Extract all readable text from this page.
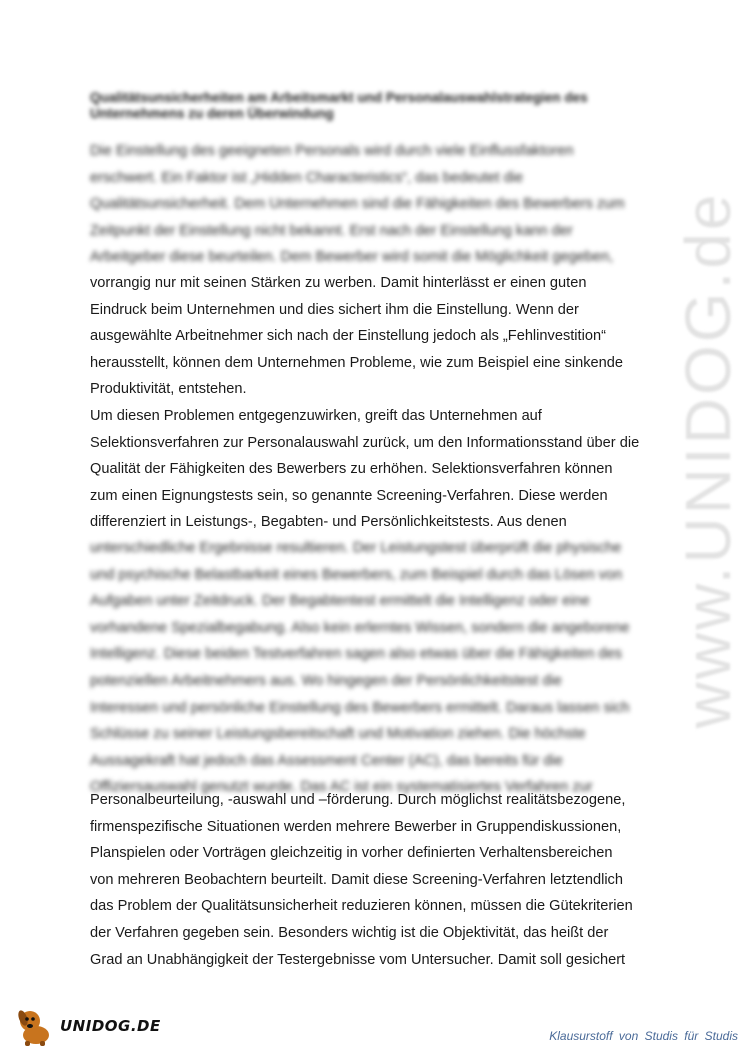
www.UNIDOG.de
Qualitätsunsicherheiten am Arbeitsmarkt und Personalauswahlstrategien des
Unternehmens zu deren Überwindung
Die Einstellung des geeigneten Personals wird durch viele Einflussfaktoren
erschwert. Ein Faktor ist „Hidden Characteristics“, das bedeutet die
Qualitätsunsicherheit. Dem Unternehmen sind die Fähigkeiten des Bewerbers zum
Zeitpunkt der Einstellung nicht bekannt. Erst nach der Einstellung kann der
Arbeitgeber diese beurteilen. Dem Bewerber wird somit die Möglichkeit gegeben,
vorrangig nur mit seinen Stärken zu werben. Damit hinterlässt er einen guten
Eindruck beim Unternehmen und dies sichert ihm die Einstellung. Wenn der
ausgewählte Arbeitnehmer sich nach der Einstellung jedoch als „Fehlinvestition“
herausstellt, können dem Unternehmen Probleme, wie zum Beispiel eine sinkende
Produktivität, entstehen.
Um diesen Problemen entgegenzuwirken, greift das Unternehmen auf
Selektionsverfahren zur Personalauswahl zurück, um den Informationsstand über die
Qualität der Fähigkeiten des Bewerbers zu erhöhen. Selektionsverfahren können
zum einen Eignungstests sein, so genannte Screening-Verfahren. Diese werden
differenziert in Leistungs-, Begabten- und Persönlichkeitstests. Aus denen
unterschiedliche Ergebnisse resultieren. Der Leistungstest überprüft die physische
und psychische Belastbarkeit eines Bewerbers, zum Beispiel durch das Lösen von
Aufgaben unter Zeitdruck. Der Begabtentest ermittelt die Intelligenz oder eine
vorhandene Spezialbegabung. Also kein erlerntes Wissen, sondern die angeborene
Intelligenz. Diese beiden Testverfahren sagen also etwas über die Fähigkeiten des
potenziellen Arbeitnehmers aus. Wo hingegen der Persönlichkeitstest die
Interessen und persönliche Einstellung des Bewerbers ermittelt. Daraus lassen sich
Schlüsse zu seiner Leistungsbereitschaft und Motivation ziehen. Die höchste
Aussagekraft hat jedoch das Assessment Center (AC), das bereits für die
Offiziersauswahl genutzt wurde. Das AC ist ein systematisiertes Verfahren zur
Personalbeurteilung, -auswahl und –förderung. Durch möglichst realitätsbezogene,
firmenspezifische Situationen werden mehrere Bewerber in Gruppendiskussionen,
Planspielen oder Vorträgen gleichzeitig in vorher definierten Verhaltensbereichen
von mehreren Beobachtern beurteilt. Damit diese Screening-Verfahren letztendlich
das Problem der Qualitätsunsicherheit reduzieren können, müssen die Gütekriterien
der Verfahren gegeben sein. Besonders wichtig ist die Objektivität, das heißt der
Grad an Unabhängigkeit der Testergebnisse vom Untersucher. Damit soll gesichert
UNIDOG.DE
Klausurstoff von Studis für Studis
